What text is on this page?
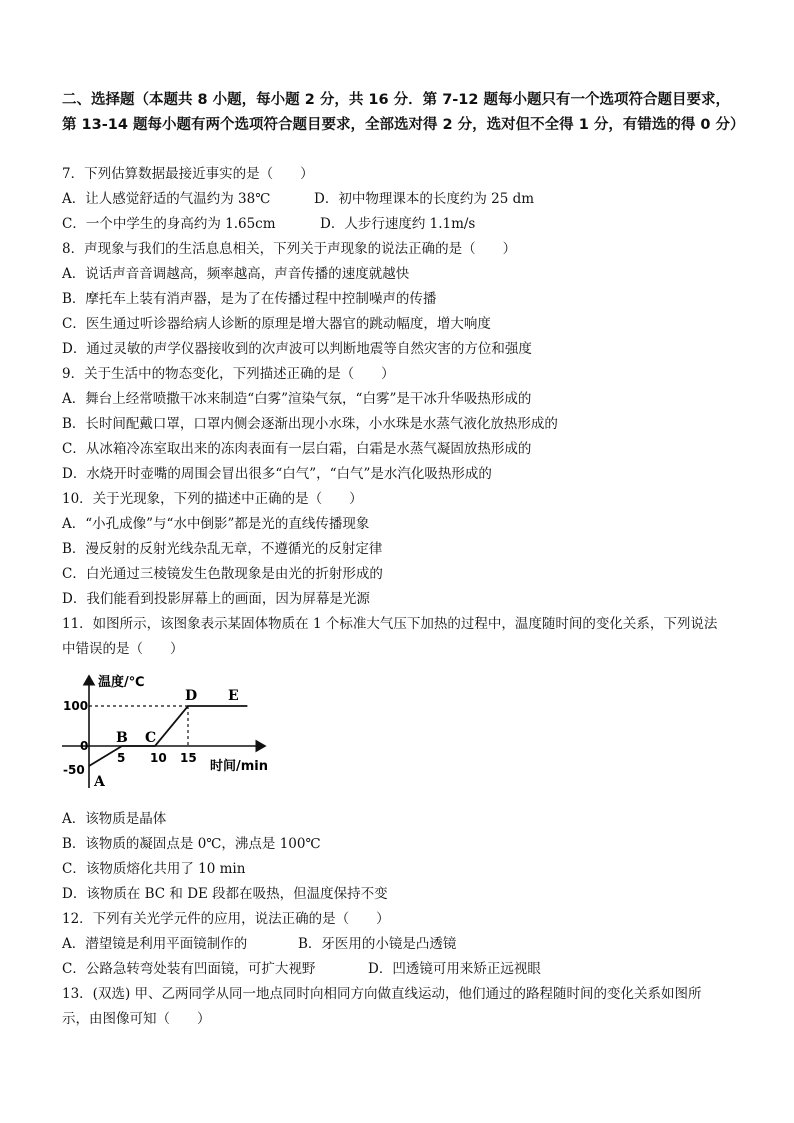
二、选择题（本题共 8 小题，每小题 2 分，共 16 分．第 7-12 题每小题只有一个选项符合题目要求，第 13-14 题每小题有两个选项符合题目要求，全部选对得 2 分，选对但不全得 1 分，有错选的得 0 分）
7．下列估算数据最接近事实的是（　　）
A．让人感觉舒适的气温约为 38℃	D．初中物理课本的长度约为 25 dm
C．一个中学生的身高约为 1.65cm	D．人步行速度约 1.1m/s
8．声现象与我们的生活息息相关，下列关于声现象的说法正确的是（　　）
A．说话声音音调越高，频率越高，声音传播的速度就越快
B．摩托车上装有消声器，是为了在传播过程中控制噪声的传播
C．医生通过听诊器给病人诊断的原理是增大器官的跳动幅度，增大响度
D．通过灵敏的声学仪器接收到的次声波可以判断地震等自然灾害的方位和强度
9．关于生活中的物态变化，下列描述正确的是（　　）
A．舞台上经常喷撒干冰来制造“白雾”渲染气氛，“白雾”是干冰升华吸热形成的
B．长时间配戴口罩，口罩内侧会逐渐出现小水珠，小水珠是水蒸气液化放热形成的
C．从冰箱冷冻室取出来的冻肉表面有一层白霜，白霜是水蒸气凝固放热形成的
D．水烧开时壶嘴的周围会冒出很多“白气”，“白气”是水汽化吸热形成的
10．关于光现象，下列的描述中正确的是（　　）
A．“小孔成像”与“水中倒影”都是光的直线传播现象
B．漫反射的反射光线杂乱无章，不遵循光的反射定律
C．白光通过三棱镜发生色散现象是由光的折射形成的
D．我们能看到投影屏幕上的画面，因为屏幕是光源
11．如图所示，该图象表示某固体物质在 1 个标准大气压下加热的过程中，温度随时间的变化关系，下列说法
中错误的是（　　）
温度/℃
时间/min
100
0
-50
5 10 15
A
B C
D E
A．该物质是晶体
B．该物质的凝固点是 0℃，沸点是 100℃
C．该物质熔化共用了 10 min
D．该物质在 BC 和 DE 段都在吸热，但温度保持不变
12．下列有关光学元件的应用，说法正确的是（　　）
A．潜望镜是利用平面镜制作的	B．牙医用的小镜是凸透镜
C．公路急转弯处装有凹面镜，可扩大视野	D．凹透镜可用来矫正远视眼
13．(双选) 甲、乙两同学从同一地点同时向相同方向做直线运动，他们通过的路程随时间的变化关系如图所
示，由图像可知（　　）
